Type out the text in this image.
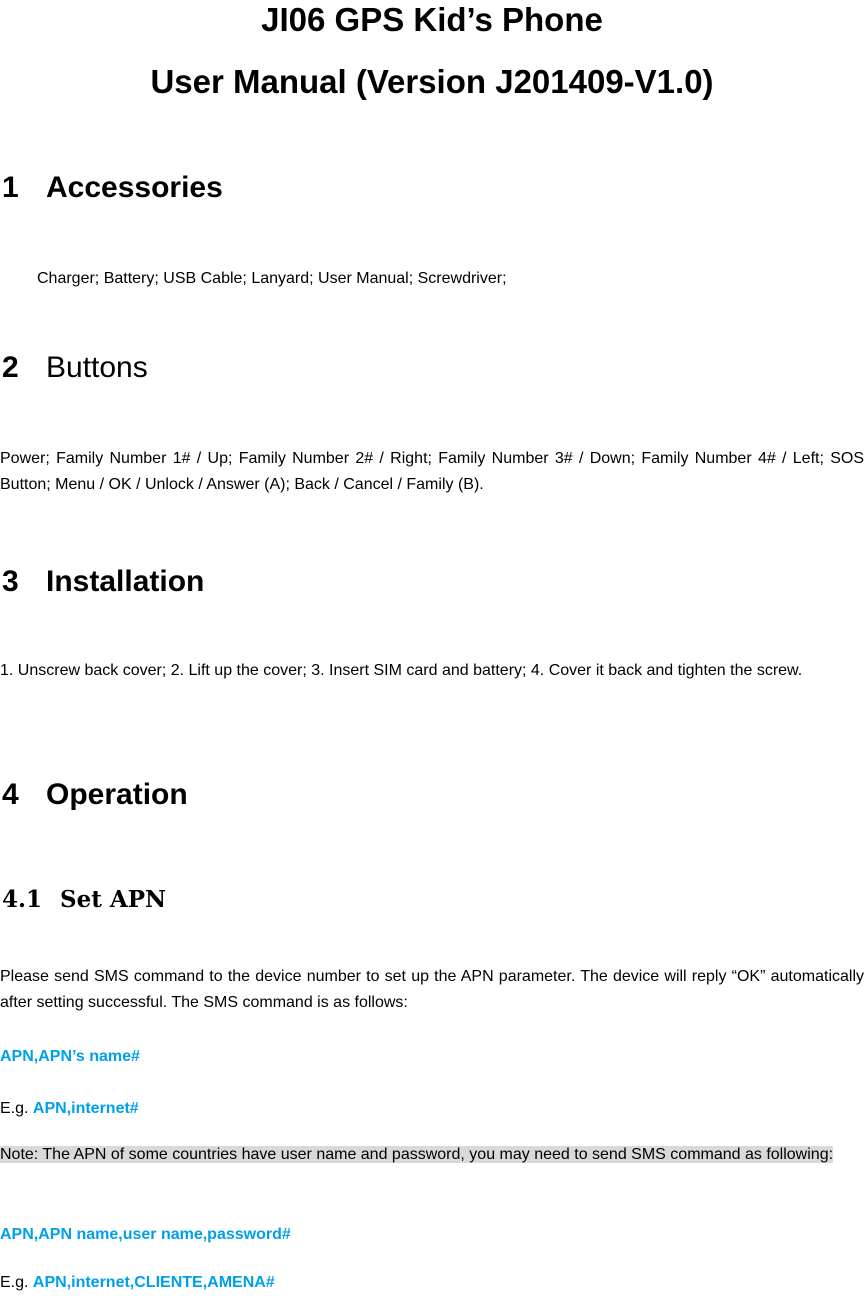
JI06 GPS Kid’s Phone
User Manual (Version J201409-V1.0)
1 Accessories
Charger; Battery; USB Cable; Lanyard; User Manual; Screwdriver;
2 Buttons
Power; Family Number 1# / Up; Family Number 2# / Right; Family Number 3# / Down; Family Number 4# / Left; SOS Button; Menu / OK / Unlock / Answer (A); Back / Cancel / Family (B).
3 Installation
1. Unscrew back cover; 2. Lift up the cover; 3. Insert SIM card and battery; 4. Cover it back and tighten the screw.
4 Operation
4.1 Set APN
Please send SMS command to the device number to set up the APN parameter. The device will reply “OK” automatically after setting successful. The SMS command is as follows:
APN,APN’s name#
E.g. APN,internet#
Note: The APN of some countries have user name and password, you may need to send SMS command as following:
APN,APN name,user name,password#
E.g. APN,internet,CLIENTE,AMENA#
